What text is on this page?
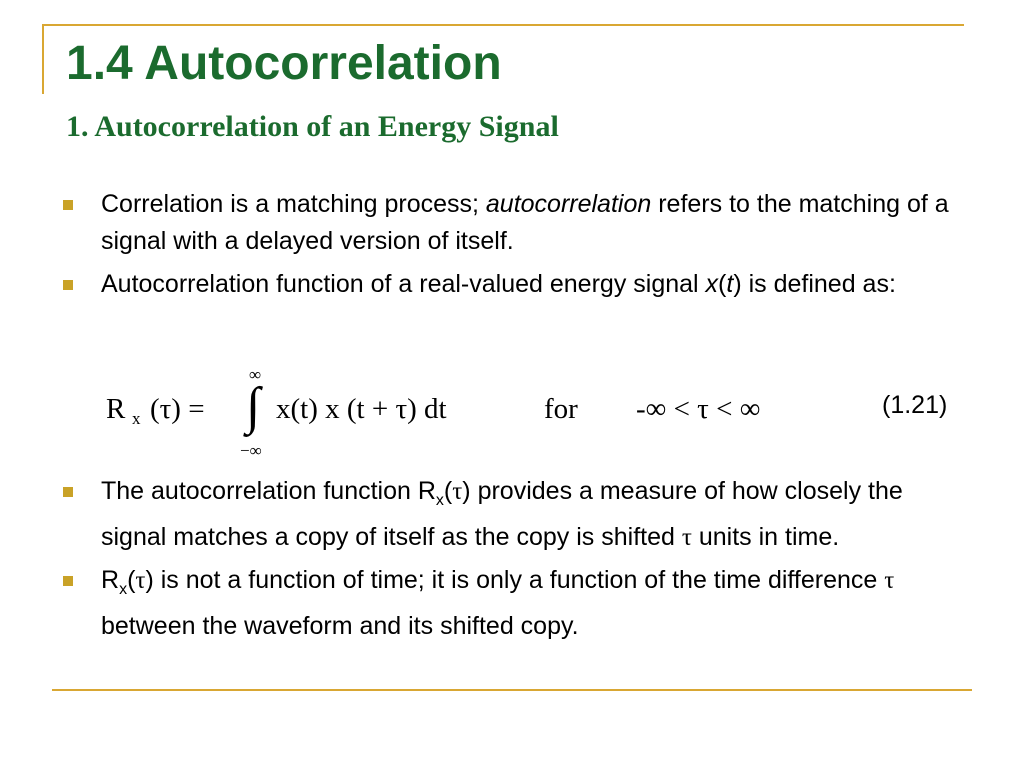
1.4 Autocorrelation
1. Autocorrelation of an Energy Signal
Correlation is a matching process; autocorrelation refers to the matching of a signal with a delayed version of itself.
Autocorrelation function of a real-valued energy signal x(t) is defined as:
R x (τ) =
∞
∫
−∞
x(t) x (t + τ) dt	for -∞ < τ < ∞	(1.21)
The autocorrelation function $R_x(\tau)$ provides a measure of how closely the signal matches a copy of itself as the copy is shifted τ units in time.
$R_x(\tau)$ is not a function of time; it is only a function of the time difference τ between the waveform and its shifted copy.
